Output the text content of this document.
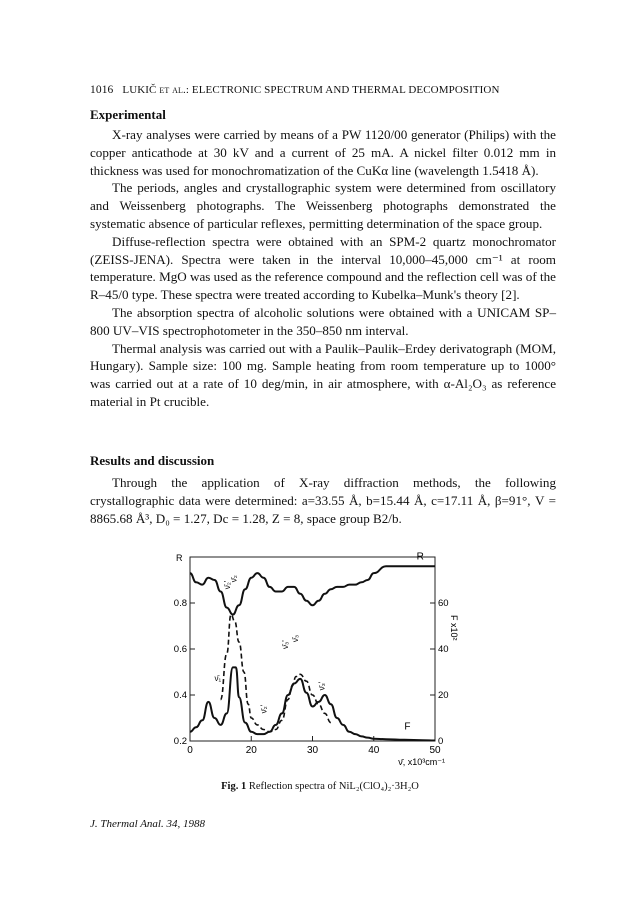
1016 LUKIČ et al.: ELECTRONIC SPECTRUM AND THERMAL DECOMPOSITION
Experimental

X-ray analyses were carried by means of a PW 1120/00 generator (Philips) with the copper anticathode at 30 kV and a current of 25 mA. A nickel filter 0.012 mm in thickness was used for monochromatization of the CuKα line (wavelength 1.5418 Å).

The periods, angles and crystallographic system were determined from oscillatory and Weissenberg photographs. The Weissenberg photographs demonstrated the systematic absence of particular reflexes, permitting determination of the space group.

Diffuse-reflection spectra were obtained with an SPM-2 quartz monochromator (ZEISS-JENA). Spectra were taken in the interval 10,000–45,000 cm⁻¹ at room temperature. MgO was used as the reference compound and the reflection cell was of the R–45/0 type. These spectra were treated according to Kubelka–Munk's theory [2].

The absorption spectra of alcoholic solutions were obtained with a UNICAM SP–800 UV–VIS spectrophotometer in the 350–850 nm interval.

Thermal analysis was carried out with a Paulik–Paulik–Erdey derivatograph (MOM, Hungary). Sample size: 100 mg. Sample heating from room temperature up to 1000° was carried out at a rate of 10 deg/min, in air atmosphere, with α-Al₂O₃ as reference material in Pt crucible.

Results and discussion

Through the application of X-ray diffraction methods, the following crystallographic data were determined: a=33.55 Å, b=15.44 Å, c=17.11 Å, β=91°, V = 8865.68 Å³, D₀ = 1.27, Dc = 1.28, Z = 8, space group B2/b.

0	20	30	40	50
0.2
0.4
0.6
0.8
0
20
40
60
R
F x10²
ν̄, x10³cm⁻¹
R
F
ν̄₁
ν̄₂'
ν̄₂
ν̄₃'
ν̄₃
ν̄₃'
ν̄₂'
Fig. 1 Reflection spectra of NiL₂(ClO₄)₂·3H₂O
J. Thermal Anal. 34, 1988
